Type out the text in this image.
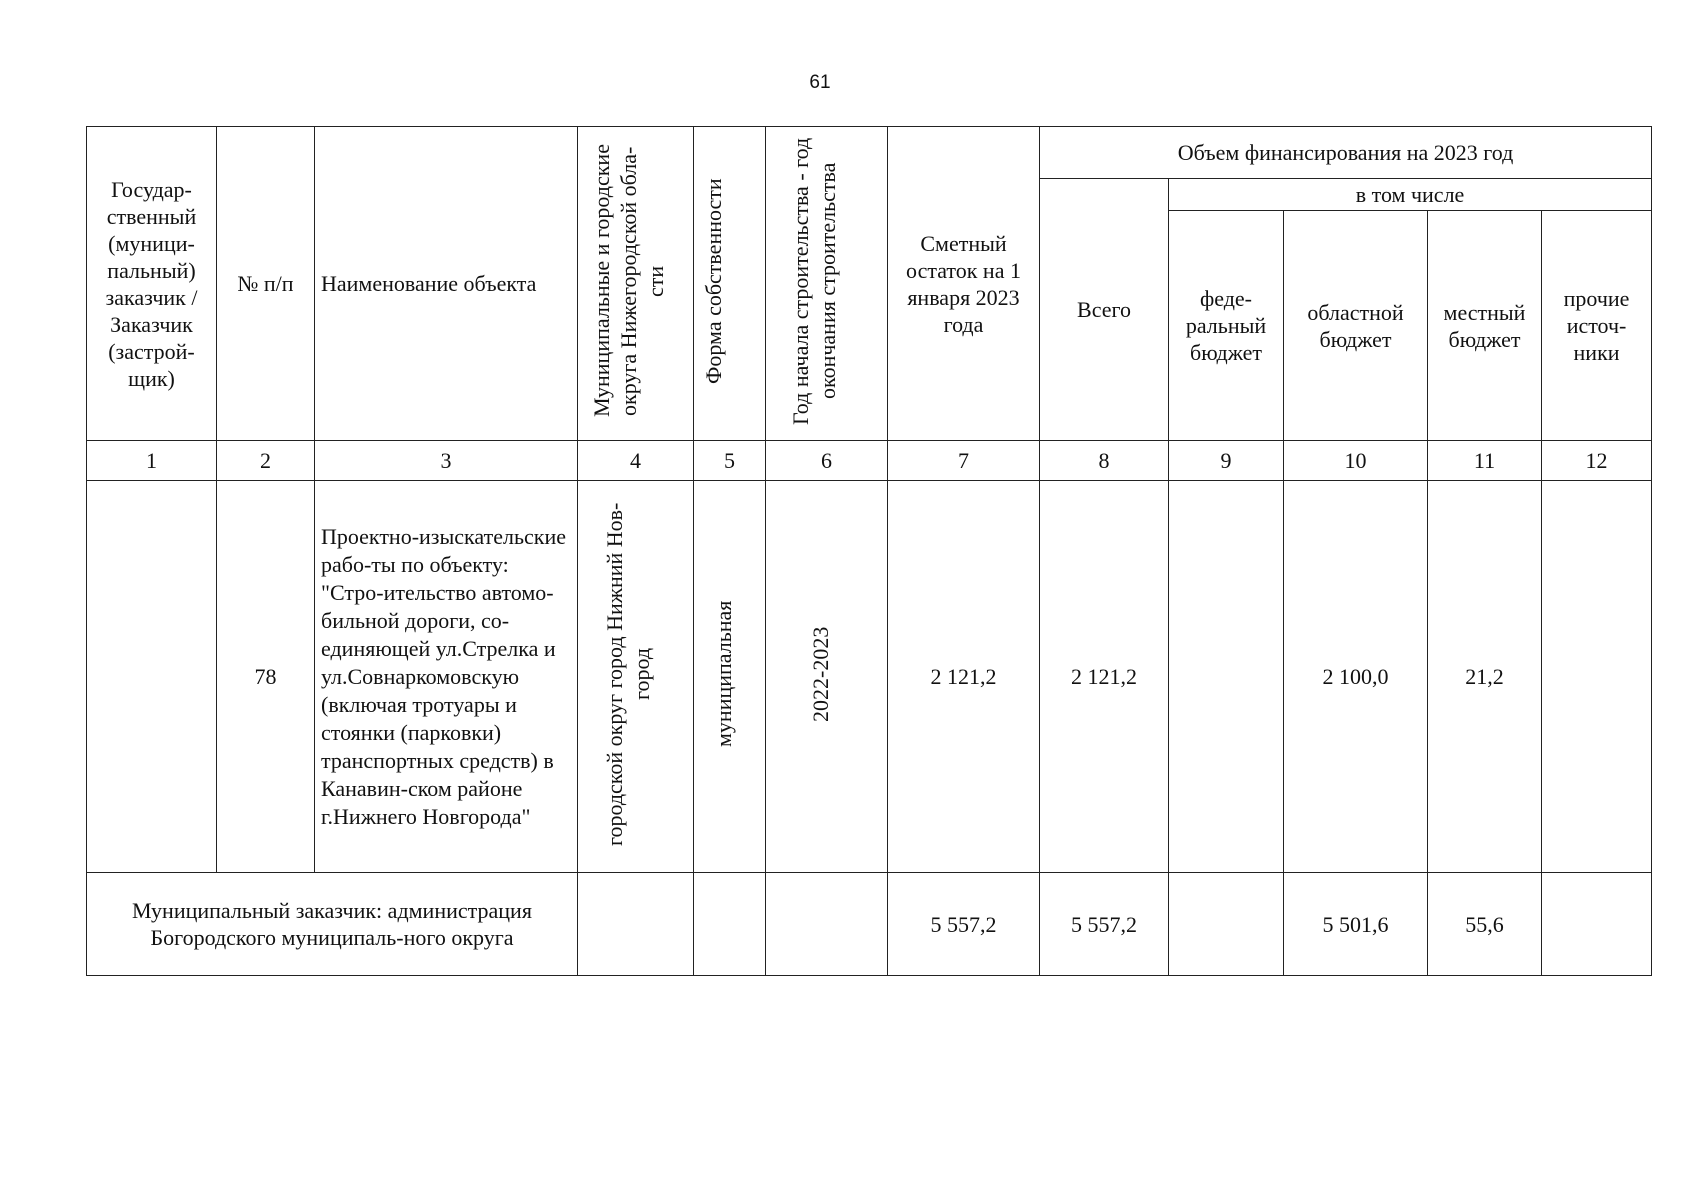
61
Государ-ственный (муници-пальный) заказчик / Заказчик (застрой-щик)	№ п/п	Наименование объекта	Муниципальные и городские округа Нижегородской обла-сти	Форма собственности	Год начала строительства - год окончания строительства	Сметный остаток на 1 января 2023 года	Объем финансирования на 2023 год				
							Всего	в том числе			
								феде-ральный бюджет	областной бюджет	местный бюджет	прочие источ-ники
1	2	3	4	5	6	7	8	9	10	11	12
	78	Проектно-изыскательские рабо-ты по объекту: "Стро-ительство автомо-бильной дороги, со-единяющей ул.Стрелка и ул.Совнаркомовскую (включая тротуары и стоянки (парковки) транспортных средств) в Канавин-ском районе г.Нижнего Новгорода"	городской округ город Нижний Нов-город	муниципальная	2022-2023	2 121,2	2 121,2		2 100,0	21,2	

Муниципальный заказчик: администрация Богородского муниципаль-ного округа						5 557,2	5 557,2		5 501,6	55,6	
